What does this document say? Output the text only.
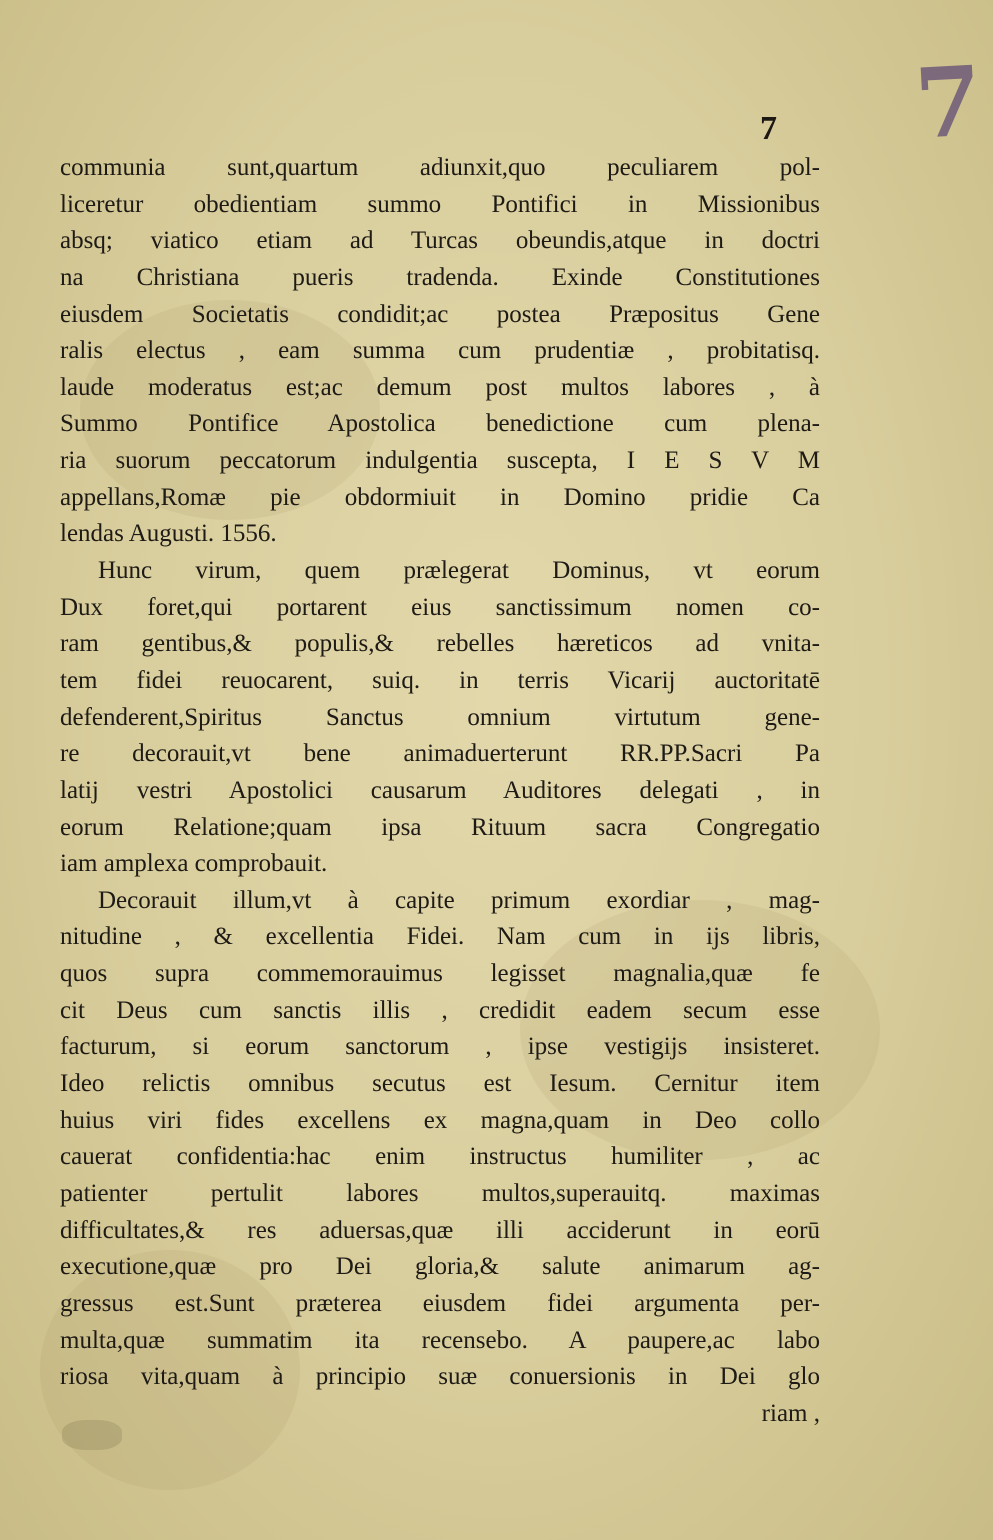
7
7
communia sunt,quartum adiunxit,quo peculiarem pol-
liceretur obedientiam summo Pontifici in Missionibus
absq; viatico etiam ad Turcas obeundis,atque in doctri
na Christiana pueris tradenda. Exinde Constitutiones
eiusdem Societatis condidit;ac postea Præpositus Gene
ralis electus , eam summa cum prudentiæ , probitatisq.
laude moderatus est;ac demum post multos labores , à
Summo Pontifice Apostolica benedictione cum plena-
ria suorum peccatorum indulgentia suscepta, I E S V M
appellans,Romæ pie obdormiuit in Domino pridie Ca
lendas Augusti. 1556.
Hunc virum, quem prælegerat Dominus, vt eorum
Dux foret,qui portarent eius sanctissimum nomen co-
ram gentibus,& populis,& rebelles hæreticos ad vnita-
tem fidei reuocarent, suiq. in terris Vicarij auctoritatē
defenderent,Spiritus Sanctus omnium virtutum gene-
re decorauit,vt bene animaduerterunt RR.PP.Sacri Pa
latij vestri Apostolici causarum Auditores delegati , in
eorum Relatione;quam ipsa Rituum sacra Congregatio
iam amplexa comprobauit.
Decorauit illum,vt à capite primum exordiar , mag-
nitudine , & excellentia Fidei. Nam cum in ijs libris,
quos supra commemorauimus legisset magnalia,quæ fe
cit Deus cum sanctis illis , credidit eadem secum esse
facturum, si eorum sanctorum , ipse vestigijs insisteret.
Ideo relictis omnibus secutus est Iesum. Cernitur item
huius viri fides excellens ex magna,quam in Deo collo
cauerat confidentia:hac enim instructus humiliter , ac
patienter pertulit labores multos,superauitq. maximas
difficultates,& res aduersas,quæ illi acciderunt in eorū
executione,quæ pro Dei gloria,& salute animarum ag-
gressus est.Sunt præterea eiusdem fidei argumenta per-
multa,quæ summatim ita recensebo. A paupere,ac labo
riosa vita,quam à principio suæ conuersionis in Dei glo
riam ,
